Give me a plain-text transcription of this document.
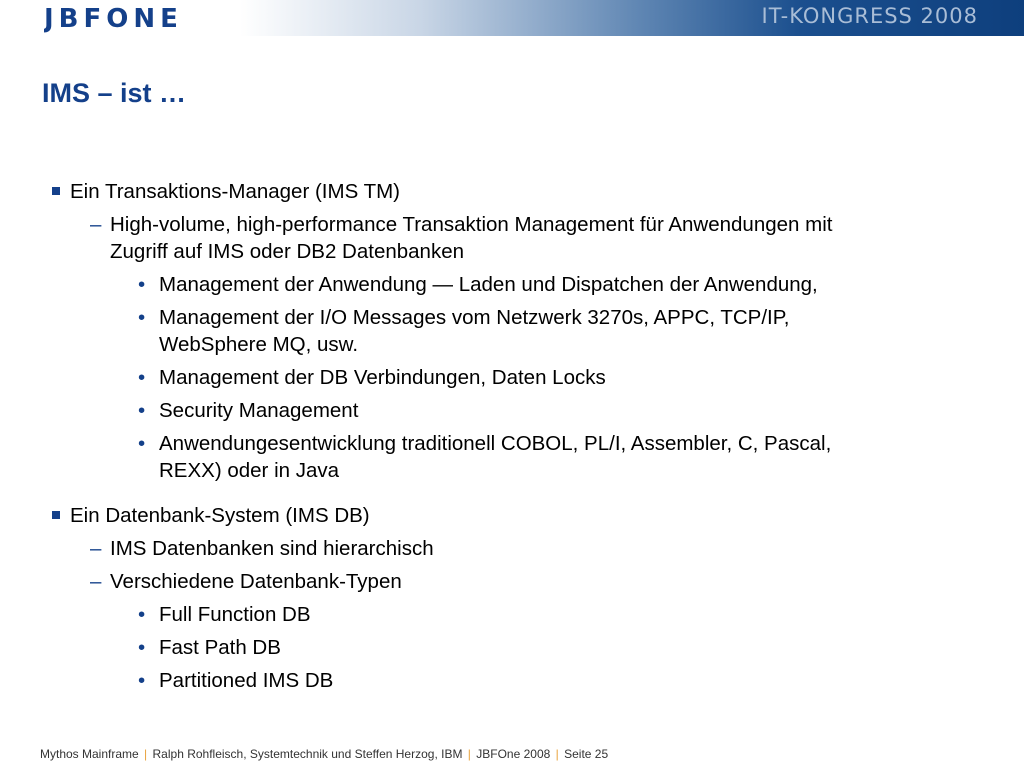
JBFONE	IT-KONGRESS 2008
IMS – ist …
Ein Transaktions-Manager (IMS TM)
– High-volume, high-performance Transaktion Management für Anwendungen mit
Zugriff auf IMS oder DB2 Datenbanken
• Management der Anwendung — Laden und Dispatchen der Anwendung,
• Management der I/O Messages vom Netzwerk 3270s, APPC, TCP/IP,
WebSphere MQ, usw.
• Management der DB Verbindungen, Daten Locks
• Security Management
• Anwendungesentwicklung traditionell COBOL, PL/I, Assembler, C, Pascal,
REXX) oder in Java
Ein Datenbank-System (IMS DB)
– IMS Datenbanken sind hierarchisch
– Verschiedene Datenbank-Typen
• Full Function DB
• Fast Path DB
• Partitioned IMS DB
Mythos Mainframe | Ralph Rohfleisch, Systemtechnik und Steffen Herzog, IBM | JBFOne 2008 | Seite 25
